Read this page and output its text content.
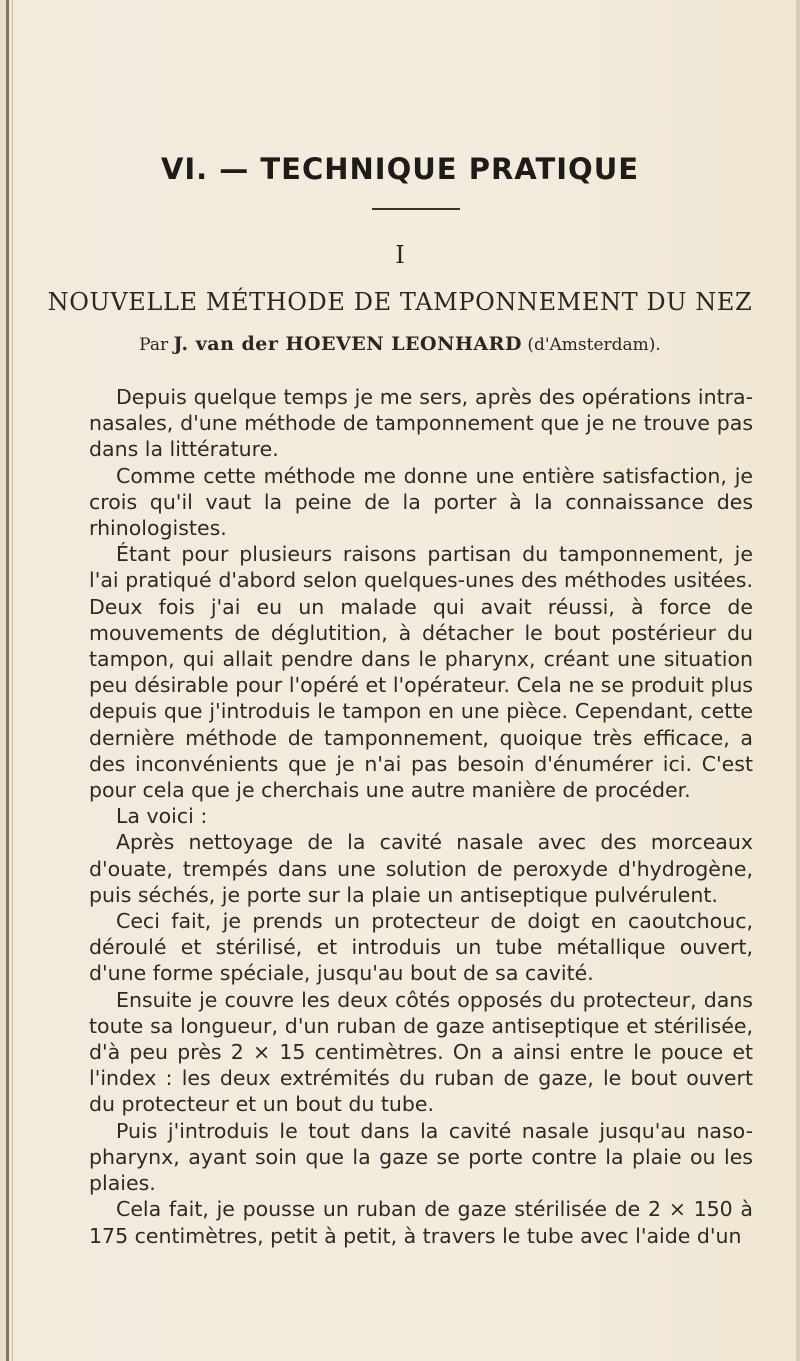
VI. — TECHNIQUE PRATIQUE
I
NOUVELLE MÉTHODE DE TAMPONNEMENT DU NEZ
Par J. van der HOEVEN LEONHARD (d'Amsterdam).

Depuis quelque temps je me sers, après des opérations intra-nasales, d'une méthode de tamponnement que je ne trouve pas dans la littérature.

Comme cette méthode me donne une entière satisfaction, je crois qu'il vaut la peine de la porter à la connaissance des rhinologistes.

Étant pour plusieurs raisons partisan du tamponnement, je l'ai pratiqué d'abord selon quelques-unes des méthodes usitées. Deux fois j'ai eu un malade qui avait réussi, à force de mouvements de déglutition, à détacher le bout postérieur du tampon, qui allait pendre dans le pharynx, créant une situation peu désirable pour l'opéré et l'opérateur. Cela ne se produit plus depuis que j'introduis le tampon en une pièce. Cependant, cette dernière méthode de tamponnement, quoique très efficace, a des inconvénients que je n'ai pas besoin d'énumérer ici. C'est pour cela que je cherchais une autre manière de procéder.

La voici :

Après nettoyage de la cavité nasale avec des morceaux d'ouate, trempés dans une solution de peroxyde d'hydrogène, puis séchés, je porte sur la plaie un antiseptique pulvérulent.

Ceci fait, je prends un protecteur de doigt en caoutchouc, déroulé et stérilisé, et introduis un tube métallique ouvert, d'une forme spéciale, jusqu'au bout de sa cavité.

Ensuite je couvre les deux côtés opposés du protecteur, dans toute sa longueur, d'un ruban de gaze antiseptique et stérilisée, d'à peu près 2 × 15 centimètres. On a ainsi entre le pouce et l'index : les deux extrémités du ruban de gaze, le bout ouvert du protecteur et un bout du tube.

Puis j'introduis le tout dans la cavité nasale jusqu'au naso-pharynx, ayant soin que la gaze se porte contre la plaie ou les plaies.

Cela fait, je pousse un ruban de gaze stérilisée de 2 × 150 à 175 centimètres, petit à petit, à travers le tube avec l'aide d'un
